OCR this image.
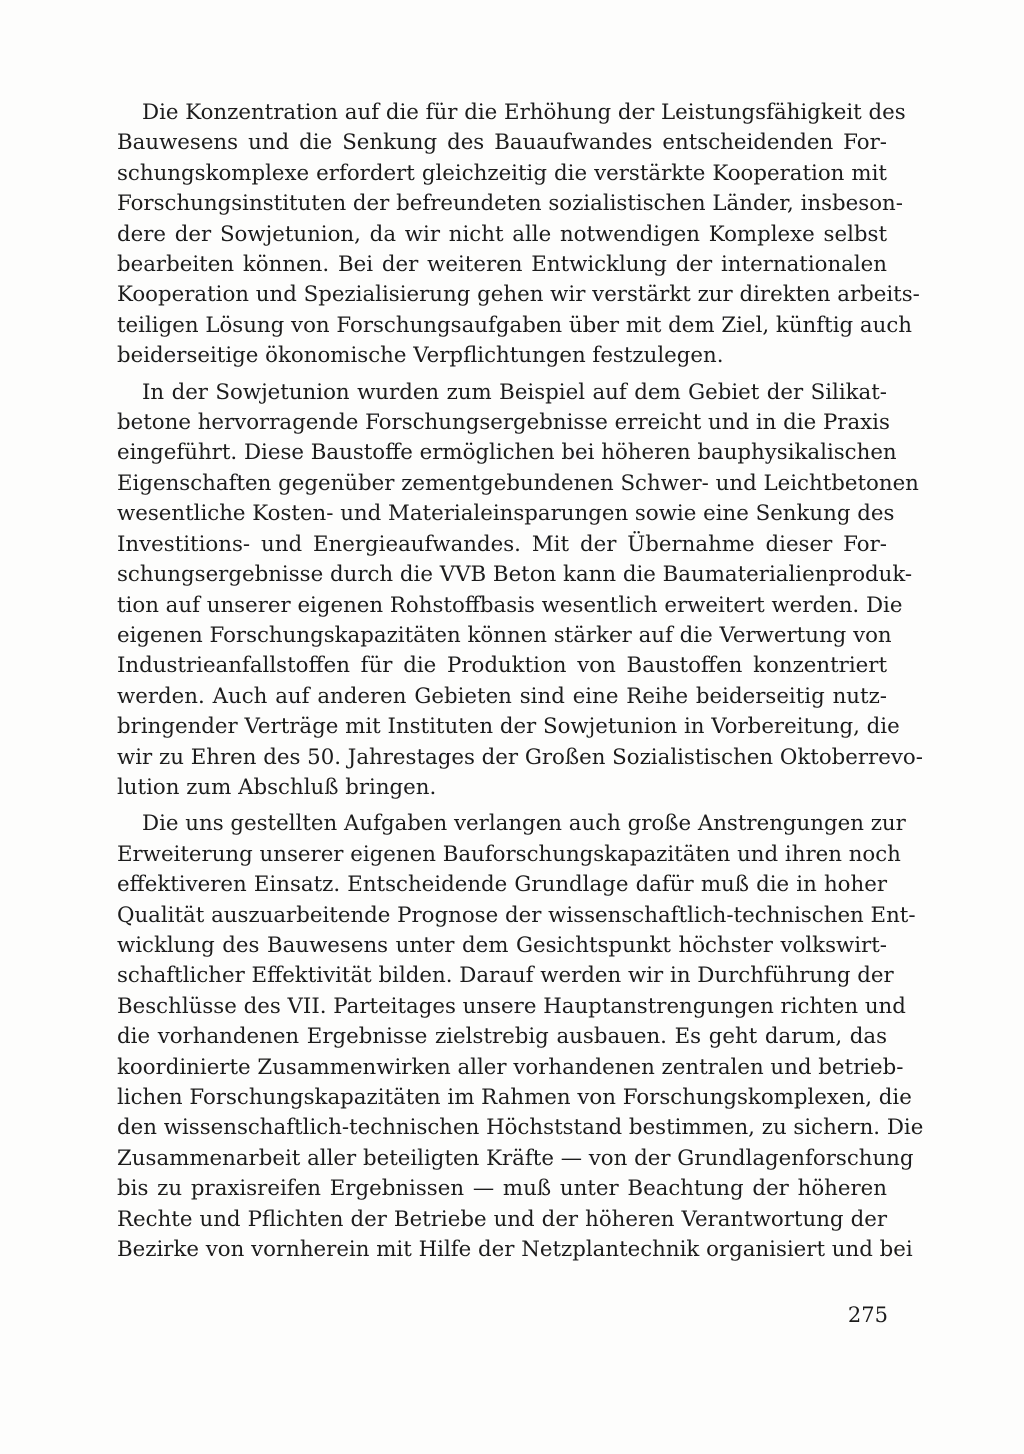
Die Konzentration auf die für die Erhöhung der Leistungsfähigkeit des
Bauwesens und die Senkung des Bauaufwandes entscheidenden For-
schungskomplexe erfordert gleichzeitig die verstärkte Kooperation mit
Forschungsinstituten der befreundeten sozialistischen Länder, insbeson-
dere der Sowjetunion, da wir nicht alle notwendigen Komplexe selbst
bearbeiten können. Bei der weiteren Entwicklung der internationalen
Kooperation und Spezialisierung gehen wir verstärkt zur direkten arbeits-
teiligen Lösung von Forschungsaufgaben über mit dem Ziel, künftig auch
beiderseitige ökonomische Verpflichtungen festzulegen.
In der Sowjetunion wurden zum Beispiel auf dem Gebiet der Silikat-
betone hervorragende Forschungsergebnisse erreicht und in die Praxis
eingeführt. Diese Baustoffe ermöglichen bei höheren bauphysikalischen
Eigenschaften gegenüber zementgebundenen Schwer- und Leichtbetonen
wesentliche Kosten- und Materialeinsparungen sowie eine Senkung des
Investitions- und Energieaufwandes. Mit der Übernahme dieser For-
schungsergebnisse durch die VVB Beton kann die Baumaterialienproduk-
tion auf unserer eigenen Rohstoffbasis wesentlich erweitert werden. Die
eigenen Forschungskapazitäten können stärker auf die Verwertung von
Industrieanfallstoffen für die Produktion von Baustoffen konzentriert
werden. Auch auf anderen Gebieten sind eine Reihe beiderseitig nutz-
bringender Verträge mit Instituten der Sowjetunion in Vorbereitung, die
wir zu Ehren des 50. Jahrestages der Großen Sozialistischen Oktoberrevo-
lution zum Abschluß bringen.
Die uns gestellten Aufgaben verlangen auch große Anstrengungen zur
Erweiterung unserer eigenen Bauforschungskapazitäten und ihren noch
effektiveren Einsatz. Entscheidende Grundlage dafür muß die in hoher
Qualität auszuarbeitende Prognose der wissenschaftlich-technischen Ent-
wicklung des Bauwesens unter dem Gesichtspunkt höchster volkswirt-
schaftlicher Effektivität bilden. Darauf werden wir in Durchführung der
Beschlüsse des VII. Parteitages unsere Hauptanstrengungen richten und
die vorhandenen Ergebnisse zielstrebig ausbauen. Es geht darum, das
koordinierte Zusammenwirken aller vorhandenen zentralen und betrieb-
lichen Forschungskapazitäten im Rahmen von Forschungskomplexen, die
den wissenschaftlich-technischen Höchststand bestimmen, zu sichern. Die
Zusammenarbeit aller beteiligten Kräfte — von der Grundlagenforschung
bis zu praxisreifen Ergebnissen — muß unter Beachtung der höheren
Rechte und Pflichten der Betriebe und der höheren Verantwortung der
Bezirke von vornherein mit Hilfe der Netzplantechnik organisiert und bei
275
